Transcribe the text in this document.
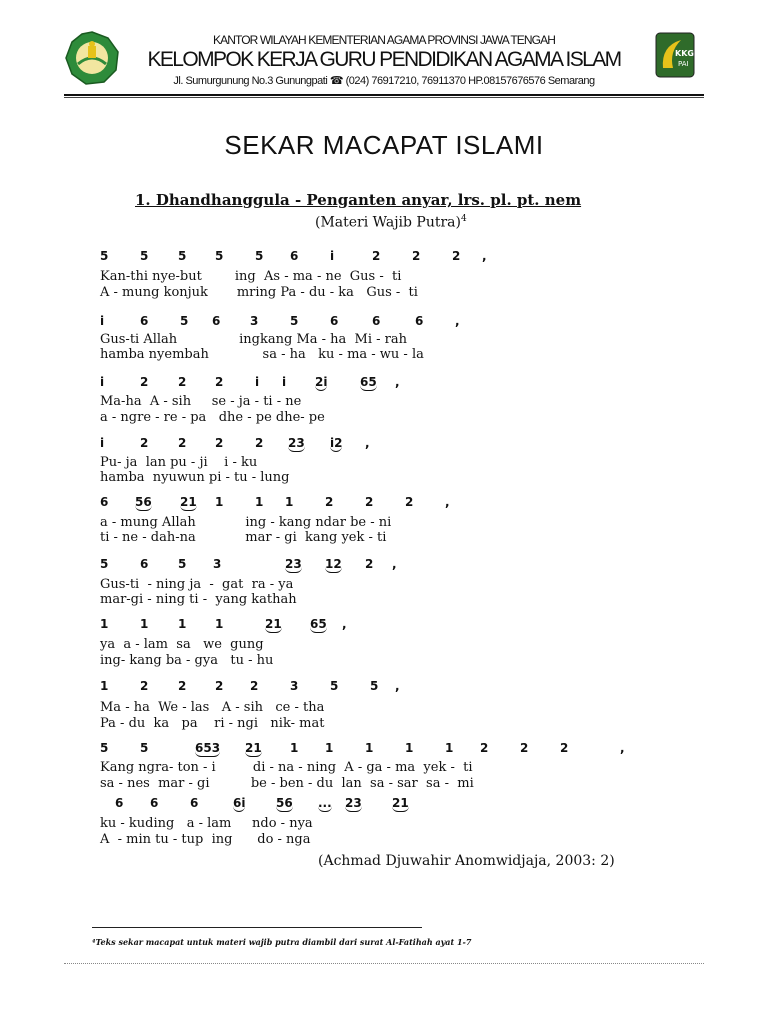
KANTOR WILAYAH KEMENTERIAN AGAMA PROVINSI JAWA TENGAH
KELOMPOK KERJA GURU PENDIDIKAN AGAMA ISLAM
Jl. Sumurgunung No.3 Gunungpati ☎ (024) 76917210, 76911370 HP.08157676576 Semarang
KKG
PAI
SEKAR MACAPAT ISLAMI
1. Dhandhanggula - Penganten anyar, lrs. pl. pt. nem
(Materi Wajib Putra)$^4$
5	5 5 5	5 6	i	2	2	2 ,
Kan-thi nye-but        ing  As - ma - ne  Gus -  ti
A - mung konjuk       mring Pa - du - ka   Gus -  ti
i	6	5 6 3	5	6	6	6	,
Gus-ti Allah               ingkang Ma - ha  Mi - rah
hamba nyembah             sa - ha   ku - ma - wu - la
i	2 2 2	i i 2i	65 ,
Ma-ha  A - sih     se - ja - ti - ne
a - ngre - re - pa   dhe - pe dhe- pe
i	2 2 2	2 23 i2 ,
Pu- ja  lan pu - ji    i - ku
hamba  nyuwun pi - tu - lung
6 56 21 1	1 1	2	2	2	,
a - mung Allah            ing - kang ndar be - ni
ti - ne - dah-na            mar - gi  kang yek - ti
5	6 5 3	23 12 2 ,
Gus-ti  - ning ja  -  gat  ra - ya
mar-gi - ning ti -  yang kathah
1	1 1 1	21 65 ,
ya  a - lam  sa   we  gung
ing- kang ba - gya   tu - hu
1	2 2 2 2	3	5	5 ,
Ma - ha  We - las   A - sih   ce - tha
Pa - du  ka   pa    ri - ngi   nik- mat
5	5	653 21 1 1	1	1	1 2	2	2	,
Kang ngra- ton - i         di - na - ning  A - ga - ma  yek -  ti
sa - nes  mar - gi          be - ben - du  lan  sa - sar  sa -  mi
6 6	6	6i	56 ... 23	21
ku - kuding   a - lam     ndo - nya
A  - min tu - tup  ing      do - nga
(Achmad Djuwahir Anomwidjaja, 2003: 2)
⁴Teks sekar macapat untuk materi wajib putra diambil dari surat Al-Fatihah ayat 1-7
